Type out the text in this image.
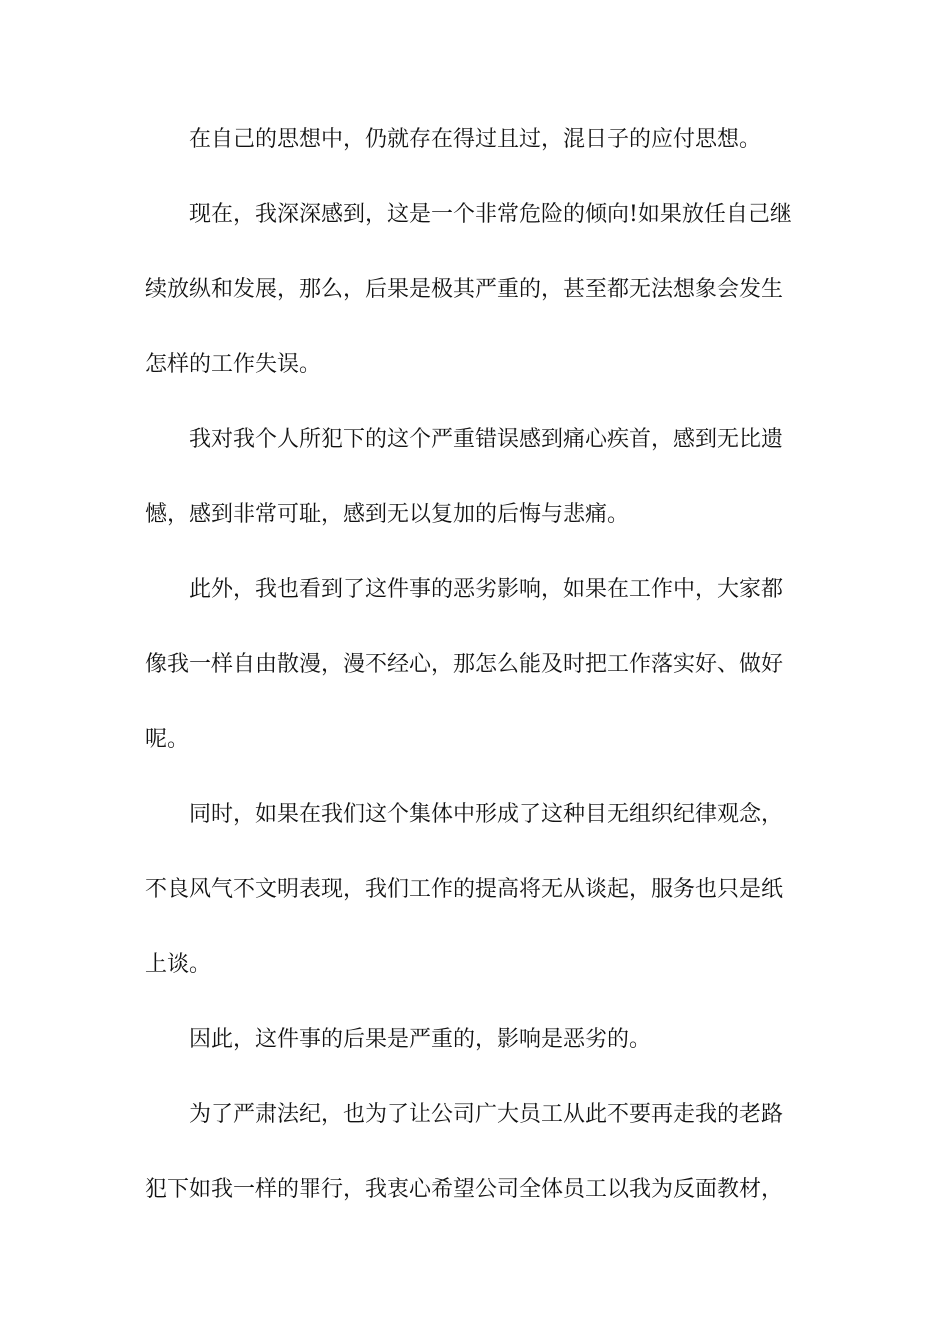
在自己的思想中，仍就存在得过且过，混日子的应付思想。
现在，我深深感到，这是一个非常危险的倾向!如果放任自己继
续放纵和发展，那么，后果是极其严重的，甚至都无法想象会发生
怎样的工作失误。
我对我个人所犯下的这个严重错误感到痛心疾首，感到无比遗
憾，感到非常可耻，感到无以复加的后悔与悲痛。
此外，我也看到了这件事的恶劣影响，如果在工作中，大家都
像我一样自由散漫，漫不经心，那怎么能及时把工作落实好、做好
呢。
同时，如果在我们这个集体中形成了这种目无组织纪律观念，
不良风气不文明表现，我们工作的提高将无从谈起，服务也只是纸
上谈。
因此，这件事的后果是严重的，影响是恶劣的。
为了严肃法纪，也为了让公司广大员工从此不要再走我的老路
犯下如我一样的罪行，我衷心希望公司全体员工以我为反面教材，
